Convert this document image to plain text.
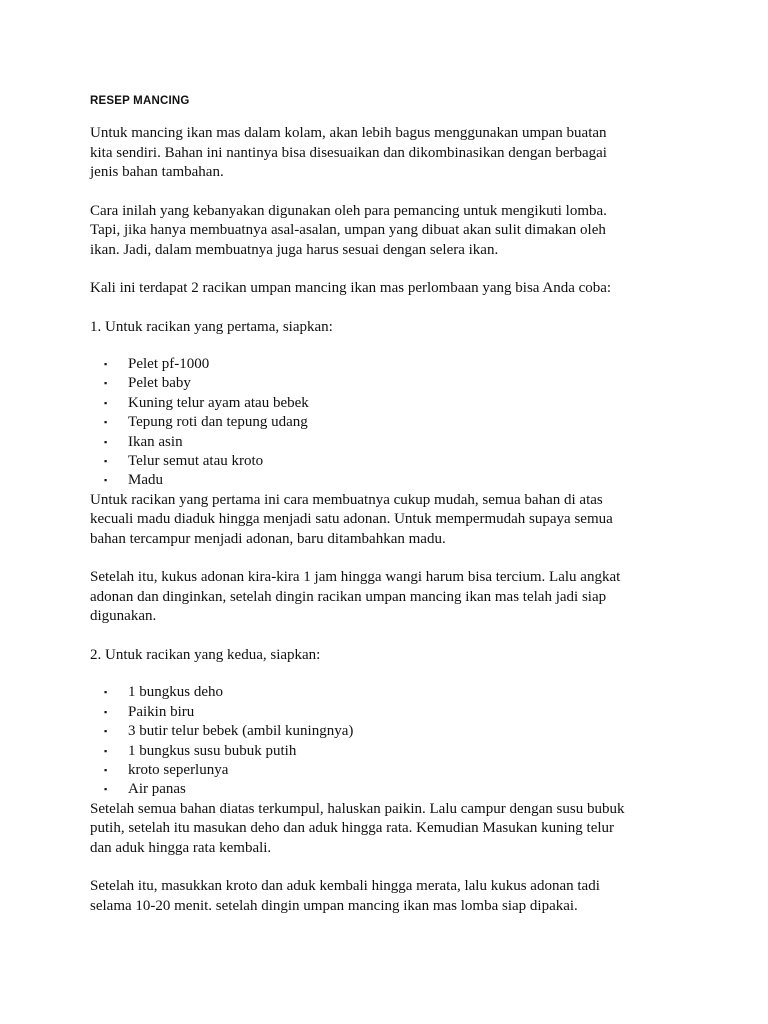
RESEP MANCING

Untuk mancing ikan mas dalam kolam, akan lebih bagus menggunakan umpan buatan
kita sendiri. Bahan ini nantinya bisa disesuaikan dan dikombinasikan dengan berbagai
jenis bahan tambahan.

Cara inilah yang kebanyakan digunakan oleh para pemancing untuk mengikuti lomba.
Tapi, jika hanya membuatnya asal-asalan, umpan yang dibuat akan sulit dimakan oleh
ikan. Jadi, dalam membuatnya juga harus sesuai dengan selera ikan.

Kali ini terdapat 2 racikan umpan mancing ikan mas perlombaan yang bisa Anda coba:

1. Untuk racikan yang pertama, siapkan:

▪ Pelet pf-1000
▪ Pelet baby
▪ Kuning telur ayam atau bebek
▪ Tepung roti dan tepung udang
▪ Ikan asin
▪ Telur semut atau kroto
▪ Madu

Untuk racikan yang pertama ini cara membuatnya cukup mudah, semua bahan di atas
kecuali madu diaduk hingga menjadi satu adonan. Untuk mempermudah supaya semua
bahan tercampur menjadi adonan, baru ditambahkan madu.

Setelah itu, kukus adonan kira-kira 1 jam hingga wangi harum bisa tercium. Lalu angkat
adonan dan dinginkan, setelah dingin racikan umpan mancing ikan mas telah jadi siap
digunakan.

2. Untuk racikan yang kedua, siapkan:

▪ 1 bungkus deho
▪ Paikin biru
▪ 3 butir telur bebek (ambil kuningnya)
▪ 1 bungkus susu bubuk putih
▪ kroto seperlunya
▪ Air panas

Setelah semua bahan diatas terkumpul, haluskan paikin. Lalu campur dengan susu bubuk
putih, setelah itu masukan deho dan aduk hingga rata. Kemudian Masukan kuning telur
dan aduk hingga rata kembali.

Setelah itu, masukkan kroto dan aduk kembali hingga merata, lalu kukus adonan tadi
selama 10-20 menit. setelah dingin umpan mancing ikan mas lomba siap dipakai.
